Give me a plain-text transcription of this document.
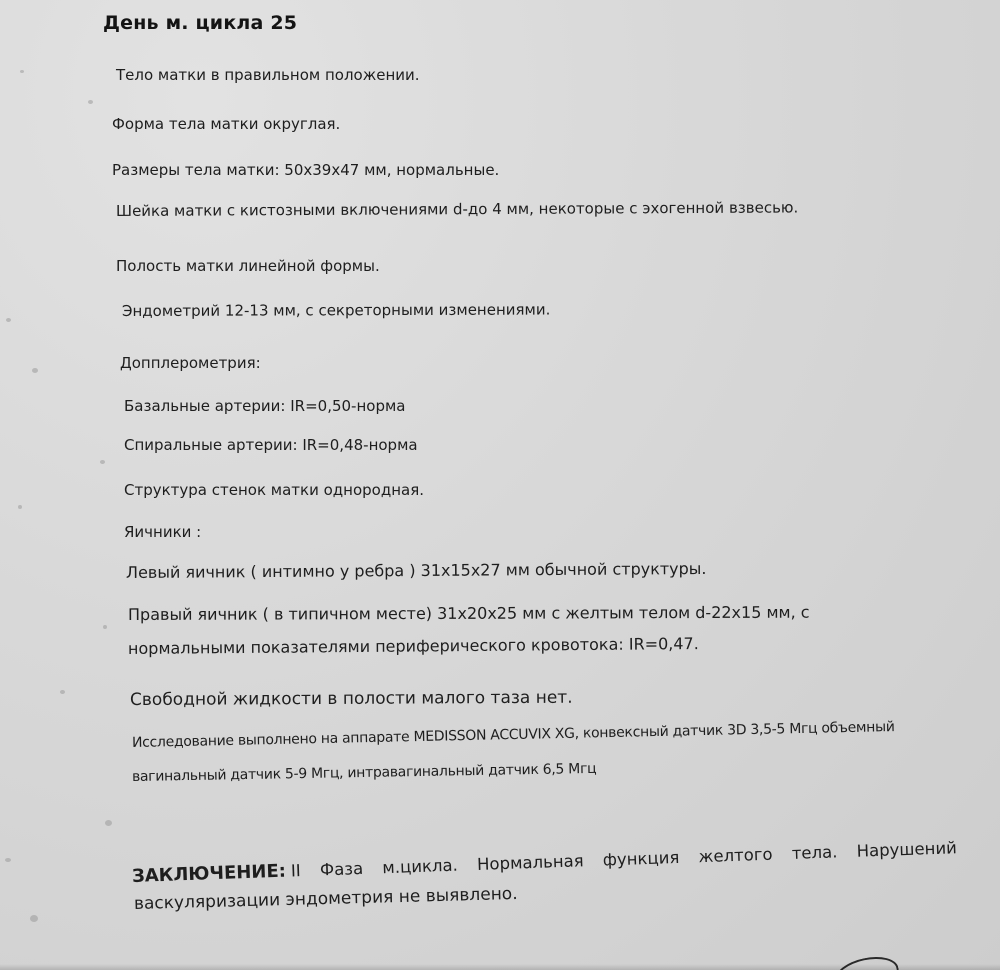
День м. цикла 25
Тело матки в правильном положении.
Форма тела матки округлая.
Размеры тела матки: 50x39x47 мм, нормальные.
Шейка матки с кистозными включениями d-до 4 мм, некоторые с эхогенной взвесью.
Полость матки линейной формы.
Эндометрий 12-13 мм, с секреторными изменениями.
Допплерометрия:
Базальные артерии: IR=0,50-норма
Спиральные артерии: IR=0,48-норма
Структура стенок матки однородная.
Яичники :
Левый яичник ( интимно у ребра ) 31x15x27 мм обычной структуры.
Правый яичник ( в типичном месте) 31x20x25 мм с желтым телом d-22x15 мм, с
нормальными показателями периферического кровотока: IR=0,47.
Свободной жидкости в полости малого таза нет.
Исследование выполнено на аппарате MEDISSON ACCUVIX XG, конвексный датчик 3D 3,5-5 Мгц объемный
вагинальный датчик 5-9 Мгц, интравагинальный датчик 6,5 Мгц
ЗАКЛЮЧЕНИЕ: II Фаза м.цикла. Нормальная функция желтого тела. Нарушений
васкуляризации эндометрия не выявлено.
